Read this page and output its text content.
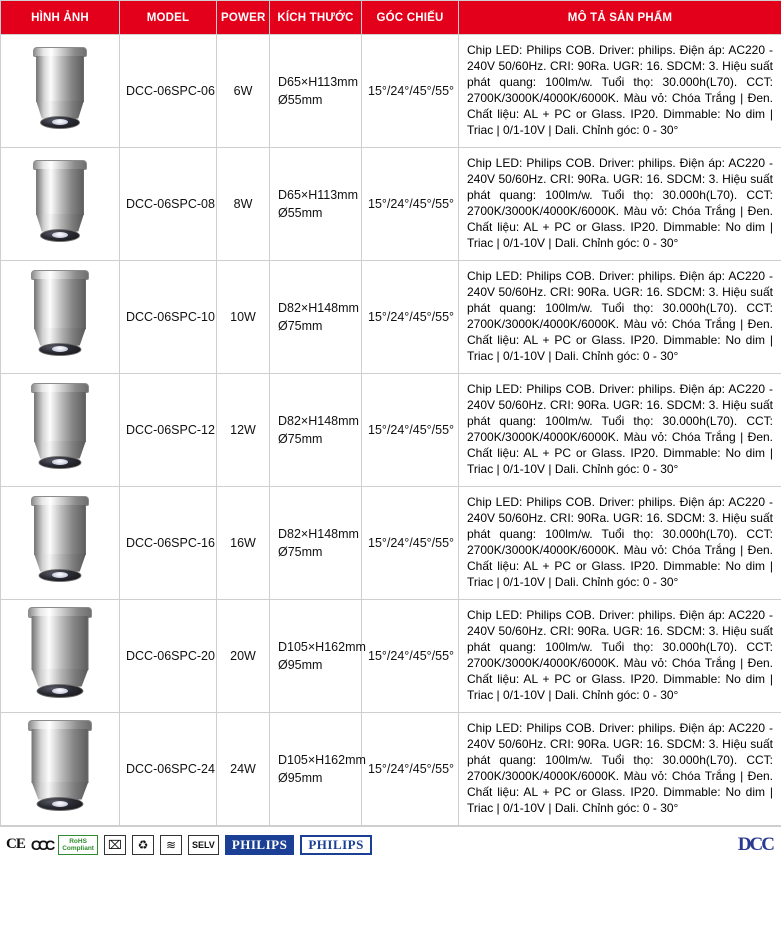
HÌNH ẢNH	MODEL	POWER	KÍCH THƯỚC	GÓC CHIẾU	MÔ TẢ SẢN PHẨM

	DCC-06SPC-06	6W	D65×H113mm
Ø55mm	15°/24°/45°/55°	Chip LED: Philips COB. Driver: philips. Điện áp: AC220 - 240V 50/60Hz. CRI: 90Ra. UGR: 16. SDCM: 3. Hiệu suất phát quang: 100lm/w. Tuổi thọ: 30.000h(L70). CCT: 2700K/3000K/4000K/6000K. Màu vỏ: Chóa Trắng | Đen. Chất liệu: AL + PC or Glass. IP20. Dimmable: No dim | Triac | 0/1-10V | Dali. Chỉnh góc: 0 - 30°

	DCC-06SPC-08	8W	D65×H113mm
Ø55mm	15°/24°/45°/55°	Chip LED: Philips COB. Driver: philips. Điện áp: AC220 - 240V 50/60Hz. CRI: 90Ra. UGR: 16. SDCM: 3. Hiệu suất phát quang: 100lm/w. Tuổi thọ: 30.000h(L70). CCT: 2700K/3000K/4000K/6000K. Màu vỏ: Chóa Trắng | Đen. Chất liệu: AL + PC or Glass. IP20. Dimmable: No dim | Triac | 0/1-10V | Dali. Chỉnh góc: 0 - 30°

	DCC-06SPC-10	10W	D82×H148mm
Ø75mm	15°/24°/45°/55°	Chip LED: Philips COB. Driver: philips. Điện áp: AC220 - 240V 50/60Hz. CRI: 90Ra. UGR: 16. SDCM: 3. Hiệu suất phát quang: 100lm/w. Tuổi thọ: 30.000h(L70). CCT: 2700K/3000K/4000K/6000K. Màu vỏ: Chóa Trắng | Đen. Chất liệu: AL + PC or Glass. IP20. Dimmable: No dim | Triac | 0/1-10V | Dali. Chỉnh góc: 0 - 30°

	DCC-06SPC-12	12W	D82×H148mm
Ø75mm	15°/24°/45°/55°	Chip LED: Philips COB. Driver: philips. Điện áp: AC220 - 240V 50/60Hz. CRI: 90Ra. UGR: 16. SDCM: 3. Hiệu suất phát quang: 100lm/w. Tuổi thọ: 30.000h(L70). CCT: 2700K/3000K/4000K/6000K. Màu vỏ: Chóa Trắng | Đen. Chất liệu: AL + PC or Glass. IP20. Dimmable: No dim | Triac | 0/1-10V | Dali. Chỉnh góc: 0 - 30°

	DCC-06SPC-16	16W	D82×H148mm
Ø75mm	15°/24°/45°/55°	Chip LED: Philips COB. Driver: philips. Điện áp: AC220 - 240V 50/60Hz. CRI: 90Ra. UGR: 16. SDCM: 3. Hiệu suất phát quang: 100lm/w. Tuổi thọ: 30.000h(L70). CCT: 2700K/3000K/4000K/6000K. Màu vỏ: Chóa Trắng | Đen. Chất liệu: AL + PC or Glass. IP20. Dimmable: No dim | Triac | 0/1-10V | Dali. Chỉnh góc: 0 - 30°

	DCC-06SPC-20	20W	D105×H162mm
Ø95mm	15°/24°/45°/55°	Chip LED: Philips COB. Driver: philips. Điện áp: AC220 - 240V 50/60Hz. CRI: 90Ra. UGR: 16. SDCM: 3. Hiệu suất phát quang: 100lm/w. Tuổi thọ: 30.000h(L70). CCT: 2700K/3000K/4000K/6000K. Màu vỏ: Chóa Trắng | Đen. Chất liệu: AL + PC or Glass. IP20. Dimmable: No dim | Triac | 0/1-10V | Dali. Chỉnh góc: 0 - 30°

	DCC-06SPC-24	24W	D105×H162mm
Ø95mm	15°/24°/45°/55°	Chip LED: Philips COB. Driver: philips. Điện áp: AC220 - 240V 50/60Hz. CRI: 90Ra. UGR: 16. SDCM: 3. Hiệu suất phát quang: 100lm/w. Tuổi thọ: 30.000h(L70). CCT: 2700K/3000K/4000K/6000K. Màu vỏ: Chóa Trắng | Đen. Chất liệu: AL + PC or Glass. IP20. Dimmable: No dim | Triac | 0/1-10V | Dali. Chỉnh góc: 0 - 30°
CE CCC	RoHS
Compliant	⌧	♻	≋	SELV	PHILIPS	PHILIPS	DCC
